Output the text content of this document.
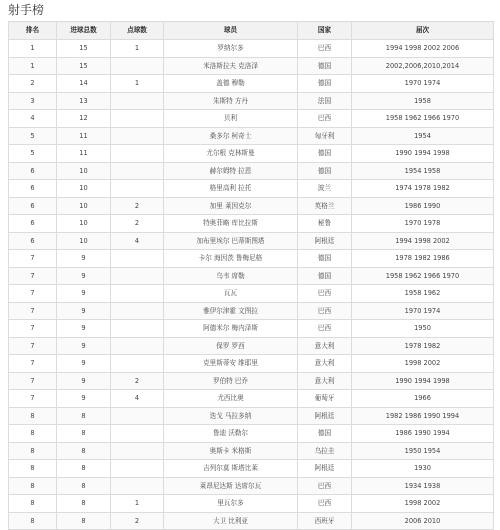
射手榜
排名	进球总数	点球数	球员	国家	届次
1	15	1	罗纳尔多	巴西	1994 1998 2002 2006
1	15		米洛斯拉夫 克洛泽	德国	2002,2006,2010,2014
2	14	1	盖德 穆勒	德国	1970 1974
3	13		朱斯特 方丹	法国	1958
4	12		贝利	巴西	1958 1962 1966 1970
5	11		桑多尔 柯奇士	匈牙利	1954
5	11		尤尔根 克林斯曼	德国	1990 1994 1998
6	10		赫尔姆特 拉恩	德国	1954 1958
6	10		格里高利 拉托	波兰	1974 1978 1982
6	10	2	加里 莱因克尔	英格兰	1986 1990
6	10	2	特奥菲略 库比拉斯	秘鲁	1970 1978
6	10	4	加布里埃尔 巴蒂斯图塔	阿根廷	1994 1998 2002
7	9		卡尔 海因茨 鲁梅尼格	德国	1978 1982 1986
7	9		乌韦 席勒	德国	1958 1962 1966 1970
7	9		瓦瓦	巴西	1958 1962
7	9		雅伊尔津霍 文图拉	巴西	1970 1974
7	9		阿德米尔 梅内泽斯	巴西	1950
7	9		保罗 罗西	意大利	1978 1982
7	9		克里斯蒂安 维耶里	意大利	1998 2002
7	9	2	罗伯特 巴乔	意大利	1990 1994 1998
7	9	4	尤西比奥	葡萄牙	1966
8	8		迭戈 马拉多纳	阿根廷	1982 1986 1990 1994
8	8		鲁迪 沃勒尔	德国	1986 1990 1994
8	8		奥斯卡 米格斯	乌拉圭	1950 1954
8	8		吉列尔莫 斯塔比莱	阿根廷	1930
8	8		莱昂尼达斯 达席尔瓦	巴西	1934 1938
8	8	1	里瓦尔多	巴西	1998 2002
8	8	2	大卫 比利亚	西班牙	2006 2010
